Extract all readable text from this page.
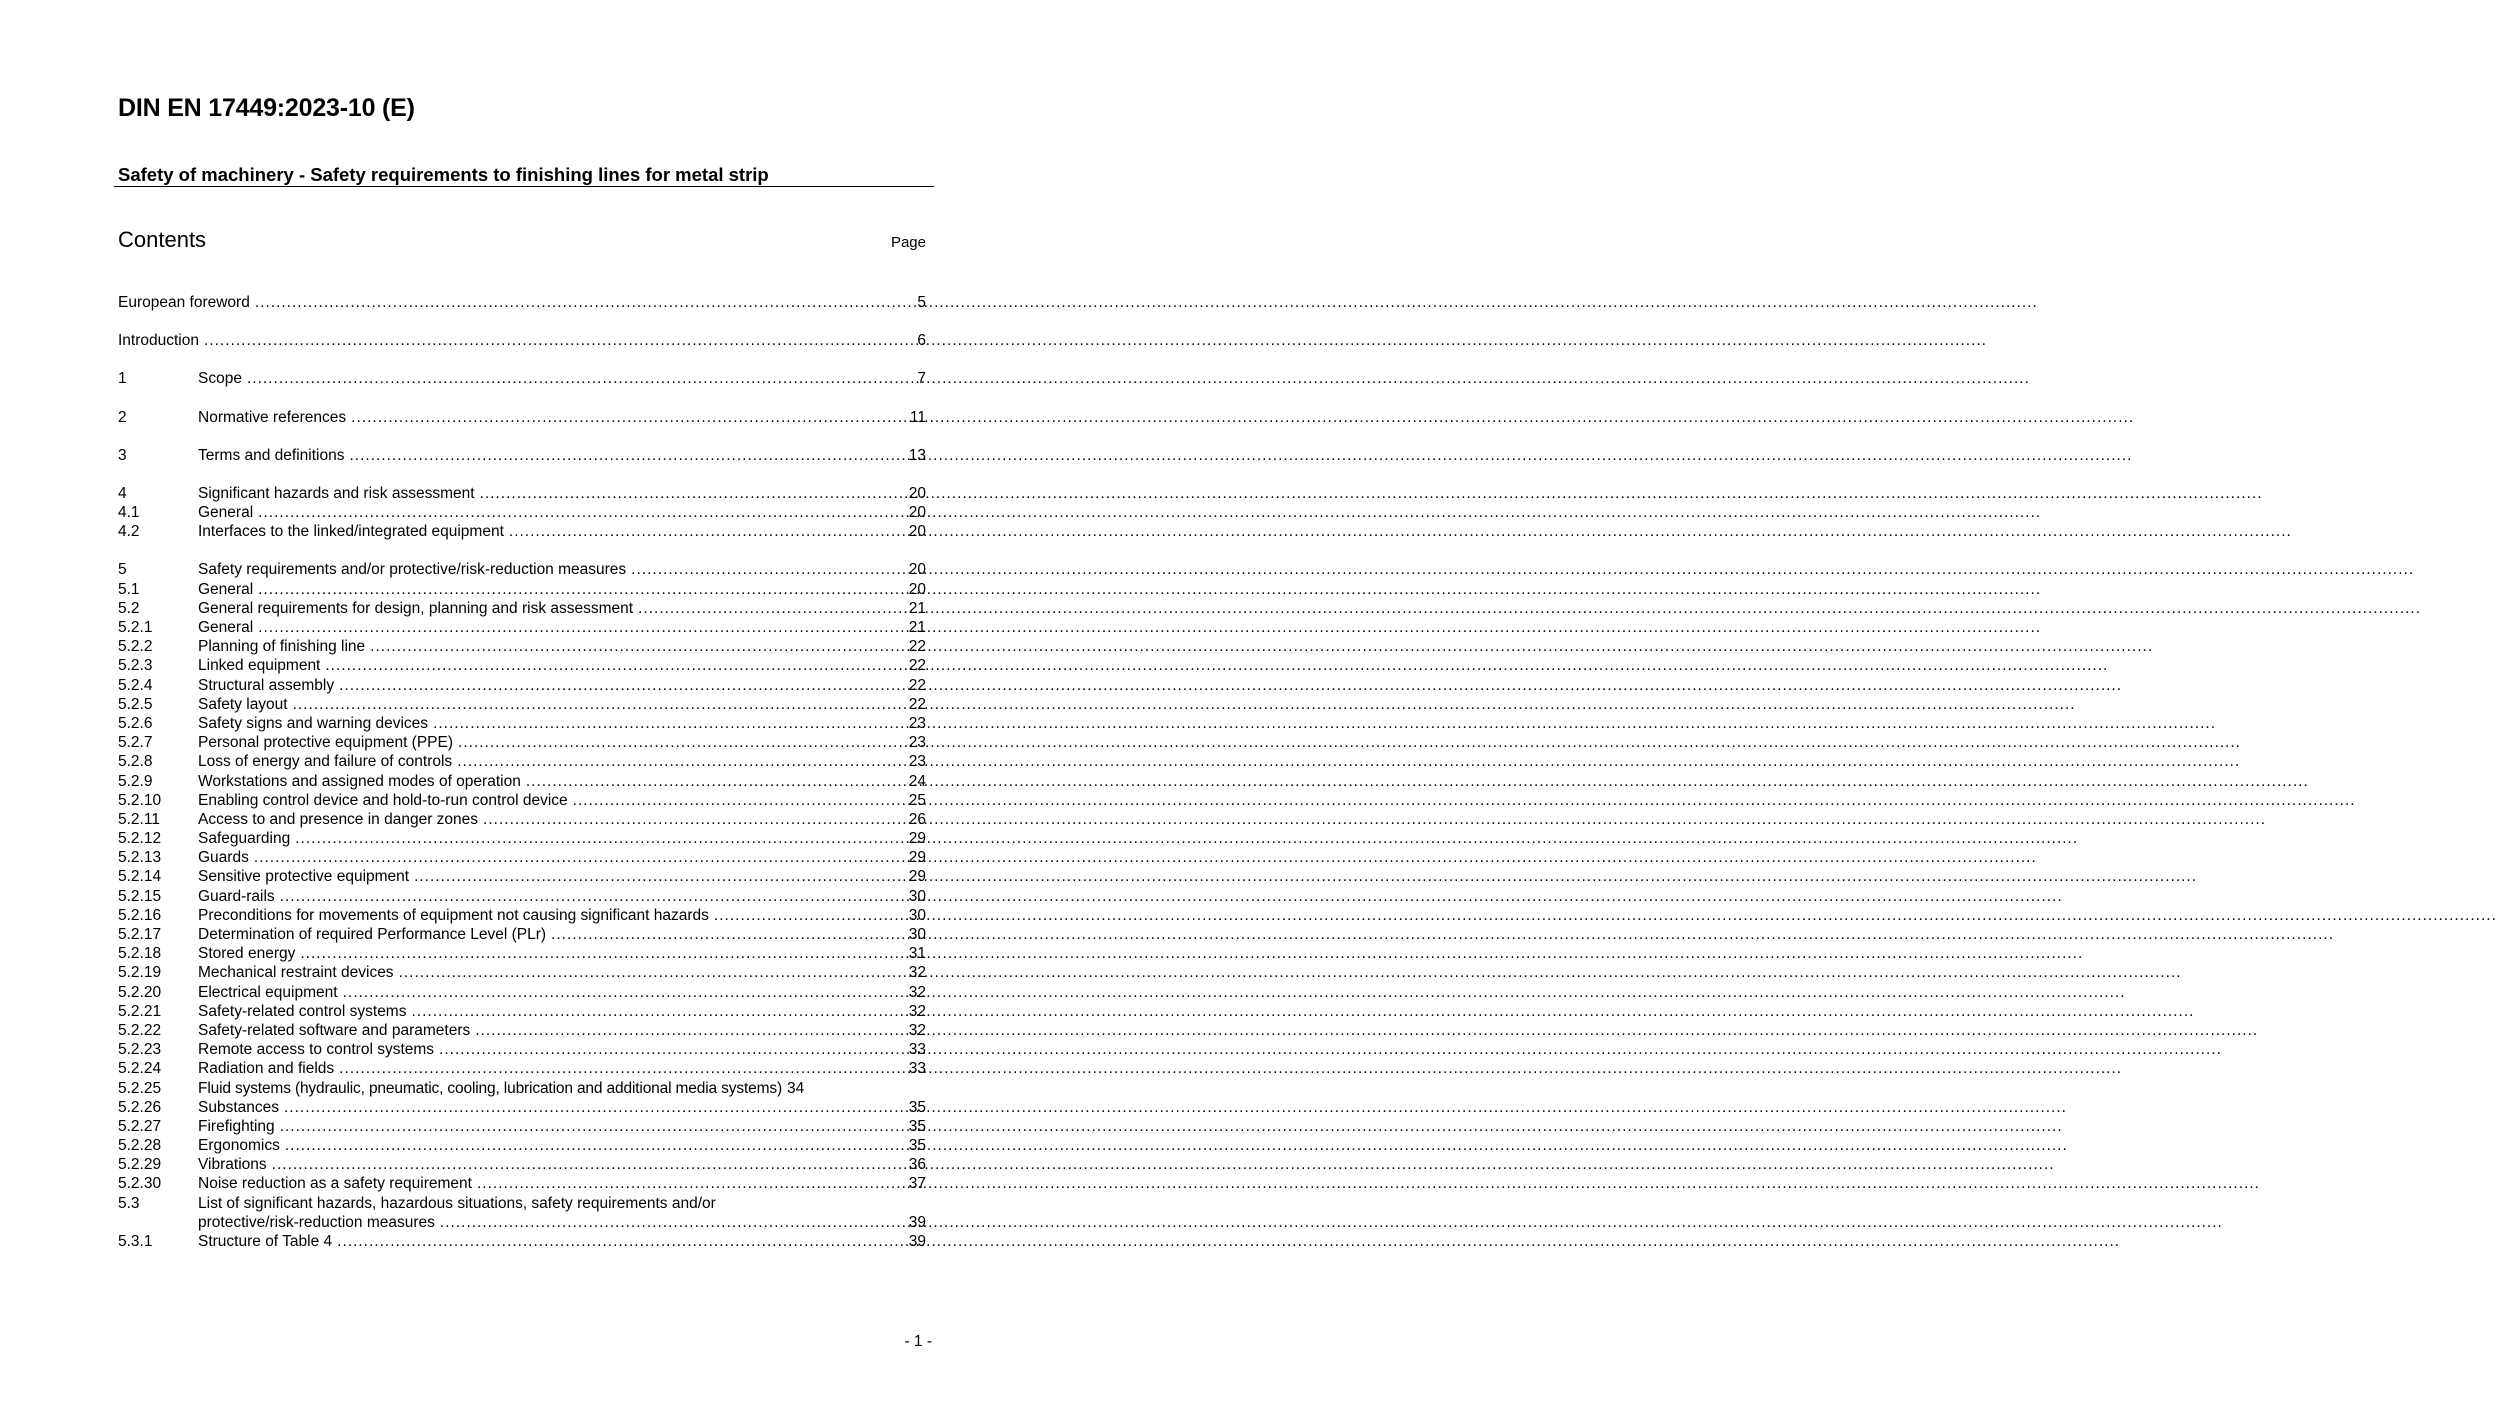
DIN EN 17449:2023-10 (E)
Safety of machinery - Safety requirements to finishing lines for metal strip
Contents	Page
European foreword .....	5
Introduction .....	6
1	Scope .....	7
2	Normative references .....	11
3	Terms and definitions .....	13
4	Significant hazards and risk assessment .....	20
4.1	General .....	20
4.2	Interfaces to the linked/integrated equipment .....	20
5	Safety requirements and/or protective/risk-reduction measures .....	20
5.1	General .....	20
5.2	General requirements for design, planning and risk assessment .....	21
5.2.1	General .....	21
5.2.2	Planning of finishing line .....	22
5.2.3	Linked equipment .....	22
5.2.4	Structural assembly .....	22
5.2.5	Safety layout .....	22
5.2.6	Safety signs and warning devices .....	23
5.2.7	Personal protective equipment (PPE) .....	23
5.2.8	Loss of energy and failure of controls .....	23
5.2.9	Workstations and assigned modes of operation .....	24
5.2.10	Enabling control device and hold-to-run control device .....	25
5.2.11	Access to and presence in danger zones .....	26
5.2.12	Safeguarding .....	29
5.2.13	Guards .....	29
5.2.14	Sensitive protective equipment .....	29
5.2.15	Guard-rails .....	30
5.2.16	Preconditions for movements of equipment not causing significant hazards .....	30
5.2.17	Determination of required Performance Level (PLr) .....	30
5.2.18	Stored energy .....	31
5.2.19	Mechanical restraint devices .....	32
5.2.20	Electrical equipment .....	32
5.2.21	Safety-related control systems .....	32
5.2.22	Safety-related software and parameters .....	32
5.2.23	Remote access to control systems .....	33
5.2.24	Radiation and fields .....	33
5.2.25	Fluid systems (hydraulic, pneumatic, cooling, lubrication and additional media systems) 34
5.2.26	Substances .....	35
5.2.27	Firefighting .....	35
5.2.28	Ergonomics .....	35
5.2.29	Vibrations .....	36
5.2.30	Noise reduction as a safety requirement .....	37
5.3	List of significant hazards, hazardous situations, safety requirements and/or
protective/risk-reduction measures .....	39
5.3.1	Structure of Table 4 .....	39
- 1 -
